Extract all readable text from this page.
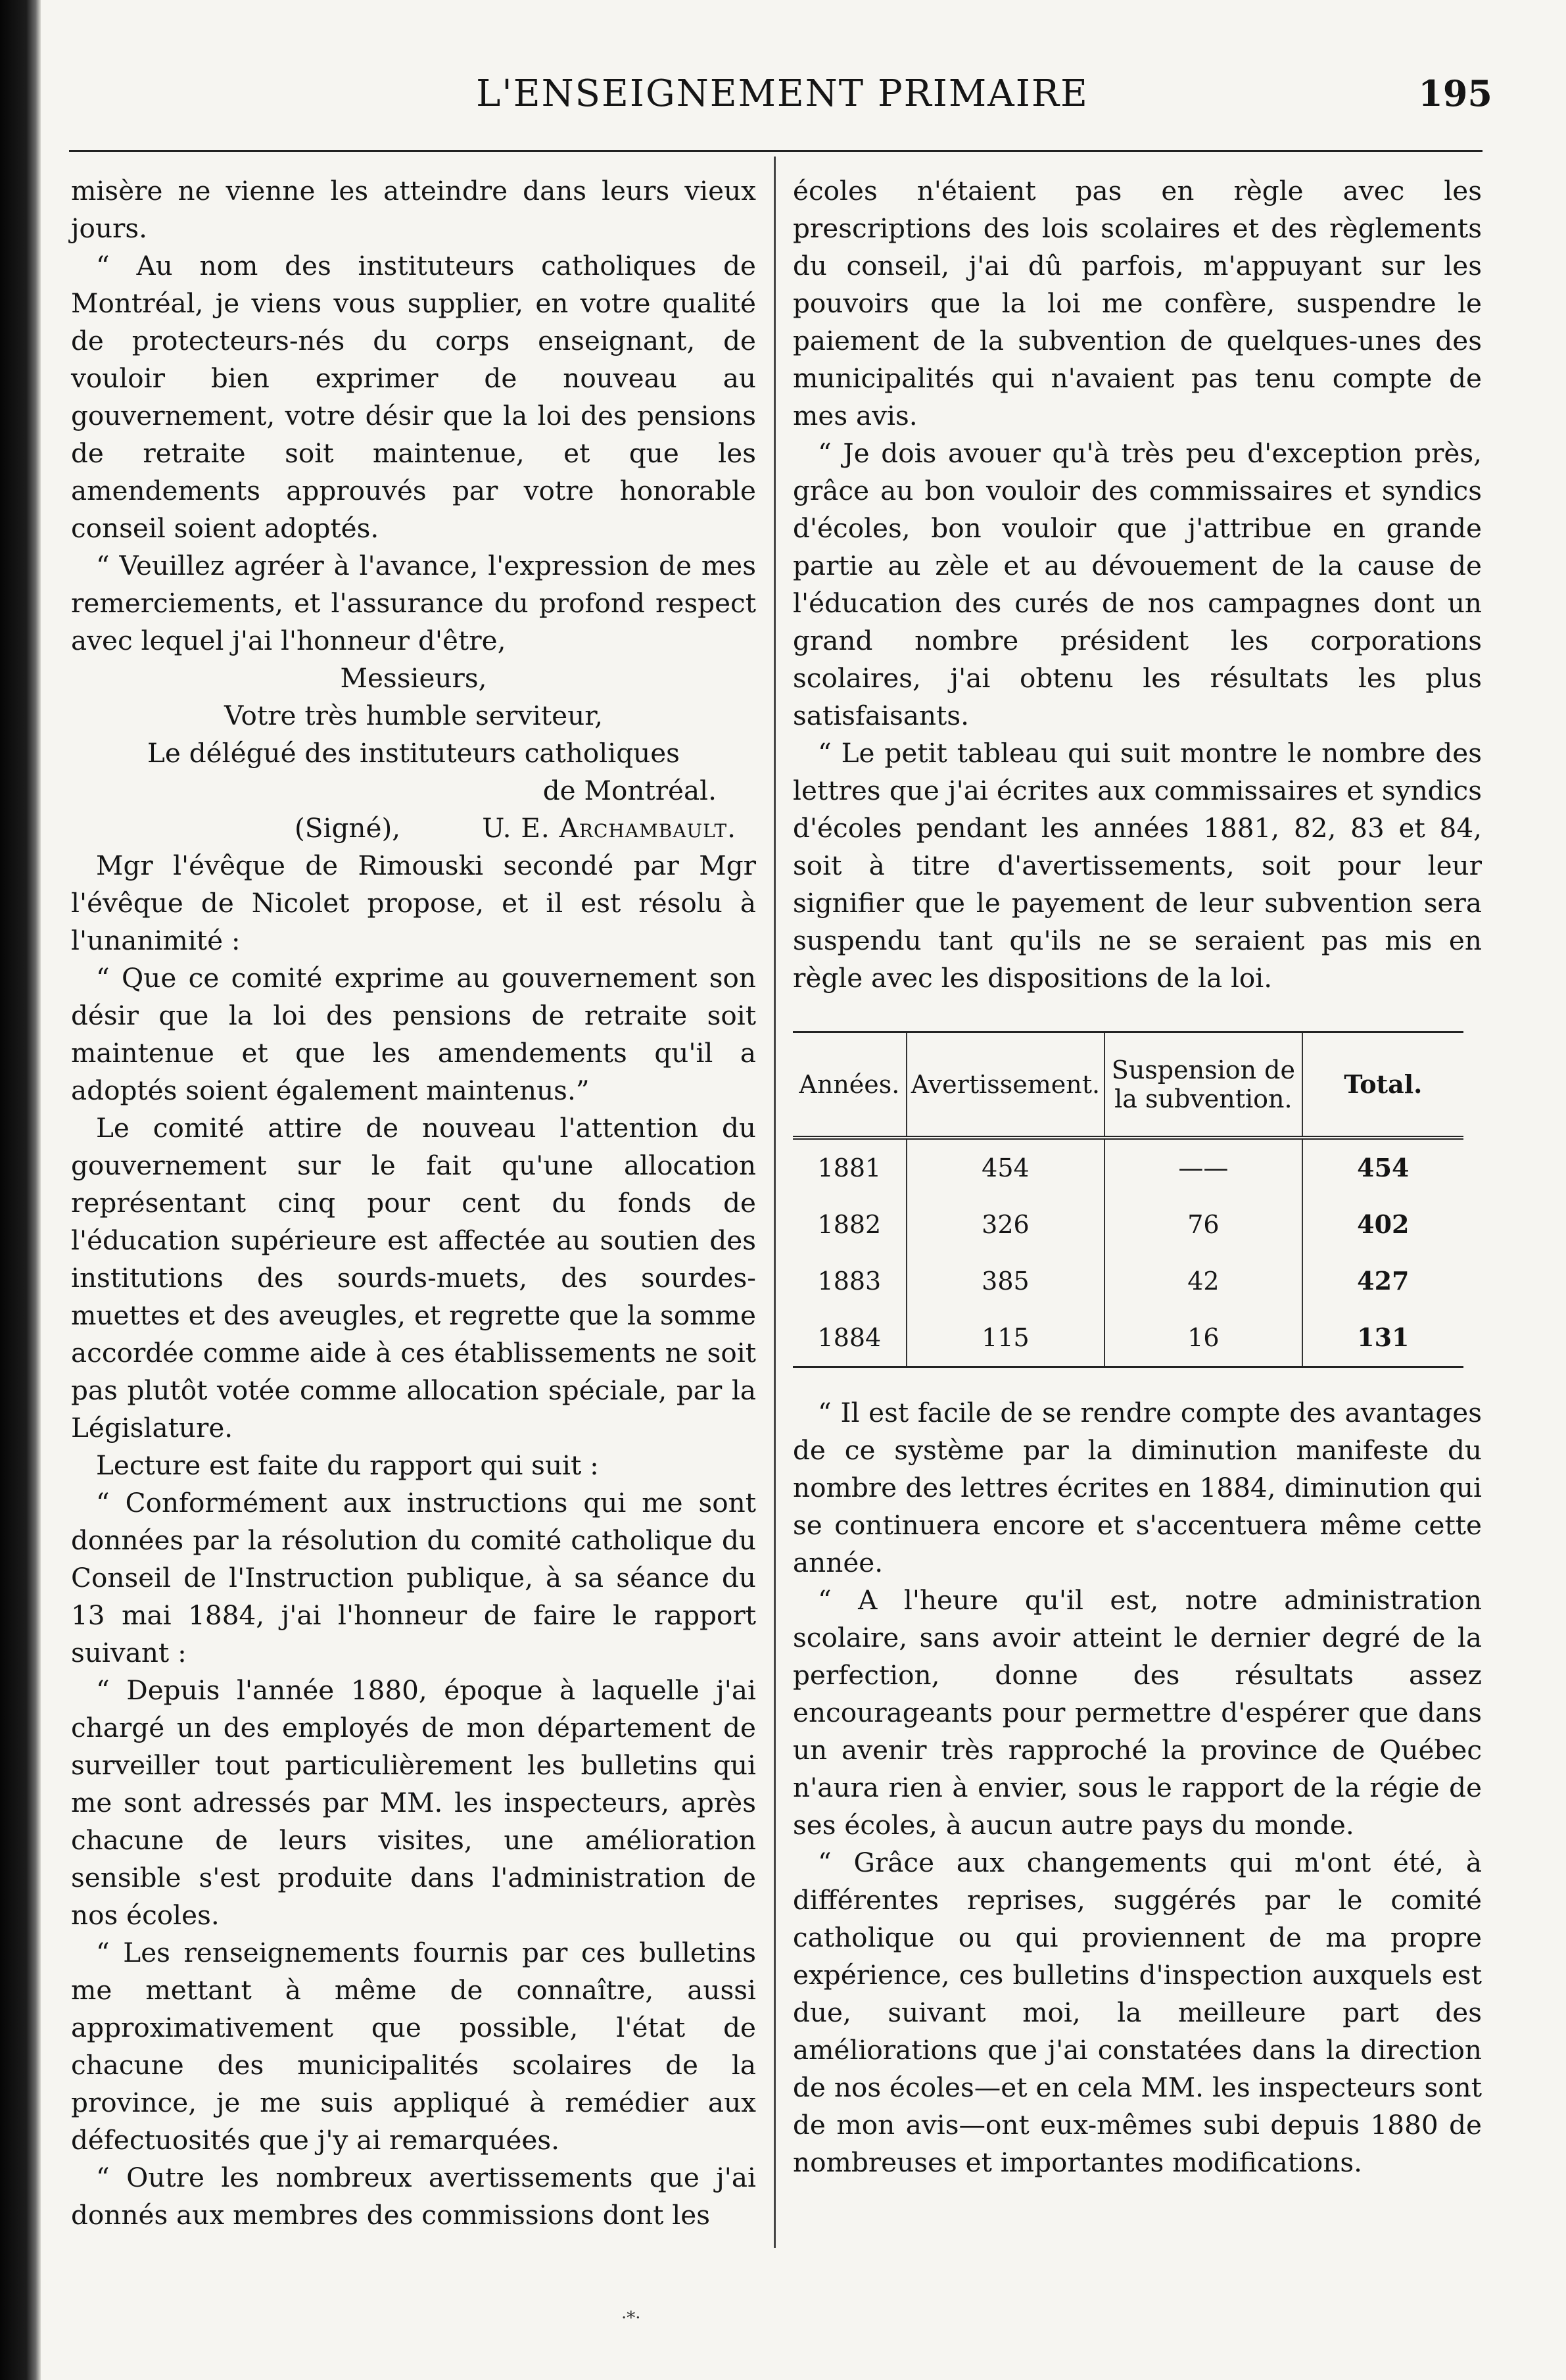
L'ENSEIGNEMENT PRIMAIRE	195

misère ne vienne les atteindre dans leurs vieux jours.

“ Au nom des instituteurs catholiques de Montréal, je viens vous supplier, en votre qualité de protecteurs-nés du corps enseignant, de vouloir bien exprimer de nouveau au gouvernement, votre désir que la loi des pensions de retraite soit maintenue, et que les amendements approuvés par votre honorable conseil soient adoptés.

“ Veuillez agréer à l'avance, l'expression de mes remerciements, et l'assurance du profond respect avec lequel j'ai l'honneur d'être,

Messieurs,

Votre très humble serviteur,

Le délégué des instituteurs catholiques

de Montréal.

(Signé),	U. E. Archambault.

Mgr l'évêque de Rimouski secondé par Mgr l'évêque de Nicolet propose, et il est résolu à l'unanimité :

“ Que ce comité exprime au gouvernement son désir que la loi des pensions de retraite soit maintenue et que les amendements qu'il a adoptés soient également maintenus.”

Le comité attire de nouveau l'attention du gouvernement sur le fait qu'une allocation représentant cinq pour cent du fonds de l'éducation supérieure est affectée au soutien des institutions des sourds-muets, des sourdes-muettes et des aveugles, et regrette que la somme accordée comme aide à ces établissements ne soit pas plutôt votée comme allocation spéciale, par la Législature.

Lecture est faite du rapport qui suit :

“ Conformément aux instructions qui me sont données par la résolution du comité catholique du Conseil de l'Instruction publique, à sa séance du 13 mai 1884, j'ai l'honneur de faire le rapport suivant :

“ Depuis l'année 1880, époque à laquelle j'ai chargé un des employés de mon département de surveiller tout particulièrement les bulletins qui me sont adressés par MM. les inspecteurs, après chacune de leurs visites, une amélioration sensible s'est produite dans l'administration de nos écoles.

“ Les renseignements fournis par ces bulletins me mettant à même de connaître, aussi approximativement que possible, l'état de chacune des municipalités scolaires de la province, je me suis appliqué à remédier aux défectuosités que j'y ai remarquées.

“ Outre les nombreux avertissements que j'ai donnés aux membres des commissions dont les

écoles n'étaient pas en règle avec les prescriptions des lois scolaires et des règlements du conseil, j'ai dû parfois, m'appuyant sur les pouvoirs que la loi me confère, suspendre le paiement de la subvention de quelques-unes des municipalités qui n'avaient pas tenu compte de mes avis.

“ Je dois avouer qu'à très peu d'exception près, grâce au bon vouloir des commissaires et syndics d'écoles, bon vouloir que j'attribue en grande partie au zèle et au dévouement de la cause de l'éducation des curés de nos campagnes dont un grand nombre président les corporations scolaires, j'ai obtenu les résultats les plus satisfaisants.

“ Le petit tableau qui suit montre le nombre des lettres que j'ai écrites aux commissaires et syndics d'écoles pendant les années 1881, 82, 83 et 84, soit à titre d'avertissements, soit pour leur signifier que le payement de leur subvention sera suspendu tant qu'ils ne se seraient pas mis en règle avec les dispositions de la loi.

Années.	Avertissement.	Suspension de la subvention.	Total.
1881	454	——	454
1882	326	76	402
1883	385	42	427
1884	115	16	131

“ Il est facile de se rendre compte des avantages de ce système par la diminution manifeste du nombre des lettres écrites en 1884, diminution qui se continuera encore et s'accentuera même cette année.

“ A l'heure qu'il est, notre administration scolaire, sans avoir atteint le dernier degré de la perfection, donne des résultats assez encourageants pour permettre d'espérer que dans un avenir très rapproché la province de Québec n'aura rien à envier, sous le rapport de la régie de ses écoles, à aucun autre pays du monde.

“ Grâce aux changements qui m'ont été, à différentes reprises, suggérés par le comité catholique ou qui proviennent de ma propre expérience, ces bulletins d'inspection auxquels est due, suivant moi, la meilleure part des améliorations que j'ai constatées dans la direction de nos écoles—et en cela MM. les inspecteurs sont de mon avis—ont eux-mêmes subi depuis 1880 de nombreuses et importantes modifications.

·*·
